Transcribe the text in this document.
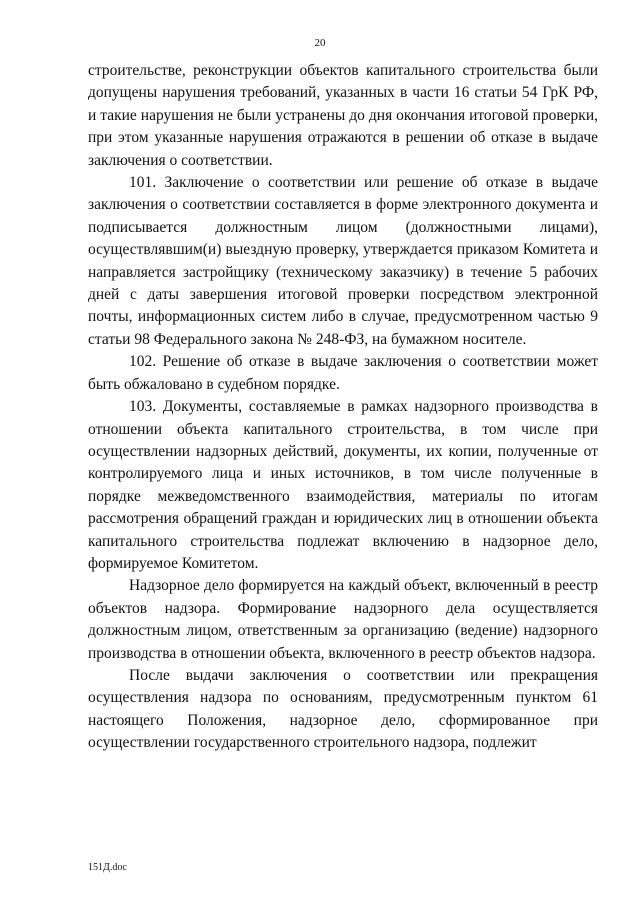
20

строительстве, реконструкции объектов капитального строительства были допущены нарушения требований, указанных в части 16 статьи 54 ГрК РФ, и такие нарушения не были устранены до дня окончания итоговой проверки, при этом указанные нарушения отражаются в решении об отказе в выдаче заключения о соответствии.

101. Заключение о соответствии или решение об отказе в выдаче заключения о соответствии составляется в форме электронного документа и подписывается должностным лицом (должностными лицами), осуществлявшим(и) выездную проверку, утверждается приказом Комитета и направляется застройщику (техническому заказчику) в течение 5 рабочих дней с даты завершения итоговой проверки посредством электронной почты, информационных систем либо в случае, предусмотренном частью 9 статьи 98 Федерального закона № 248-ФЗ, на бумажном носителе.

102. Решение об отказе в выдаче заключения о соответствии может быть обжаловано в судебном порядке.

103. Документы, составляемые в рамках надзорного производства в отношении объекта капитального строительства, в том числе при осуществлении надзорных действий, документы, их копии, полученные от контролируемого лица и иных источников, в том числе полученные в порядке межведомственного взаимодействия, материалы по итогам рассмотрения обращений граждан и юридических лиц в отношении объекта капитального строительства подлежат включению в надзорное дело, формируемое Комитетом.

Надзорное дело формируется на каждый объект, включенный в реестр объектов надзора. Формирование надзорного дела осуществляется должностным лицом, ответственным за организацию (ведение) надзорного производства в отношении объекта, включенного в реестр объектов надзора.

После выдачи заключения о соответствии или прекращения осуществления надзора по основаниям, предусмотренным пунктом 61 настоящего Положения, надзорное дело, сформированное при осуществлении государственного строительного надзора, подлежит

151Д.doc
